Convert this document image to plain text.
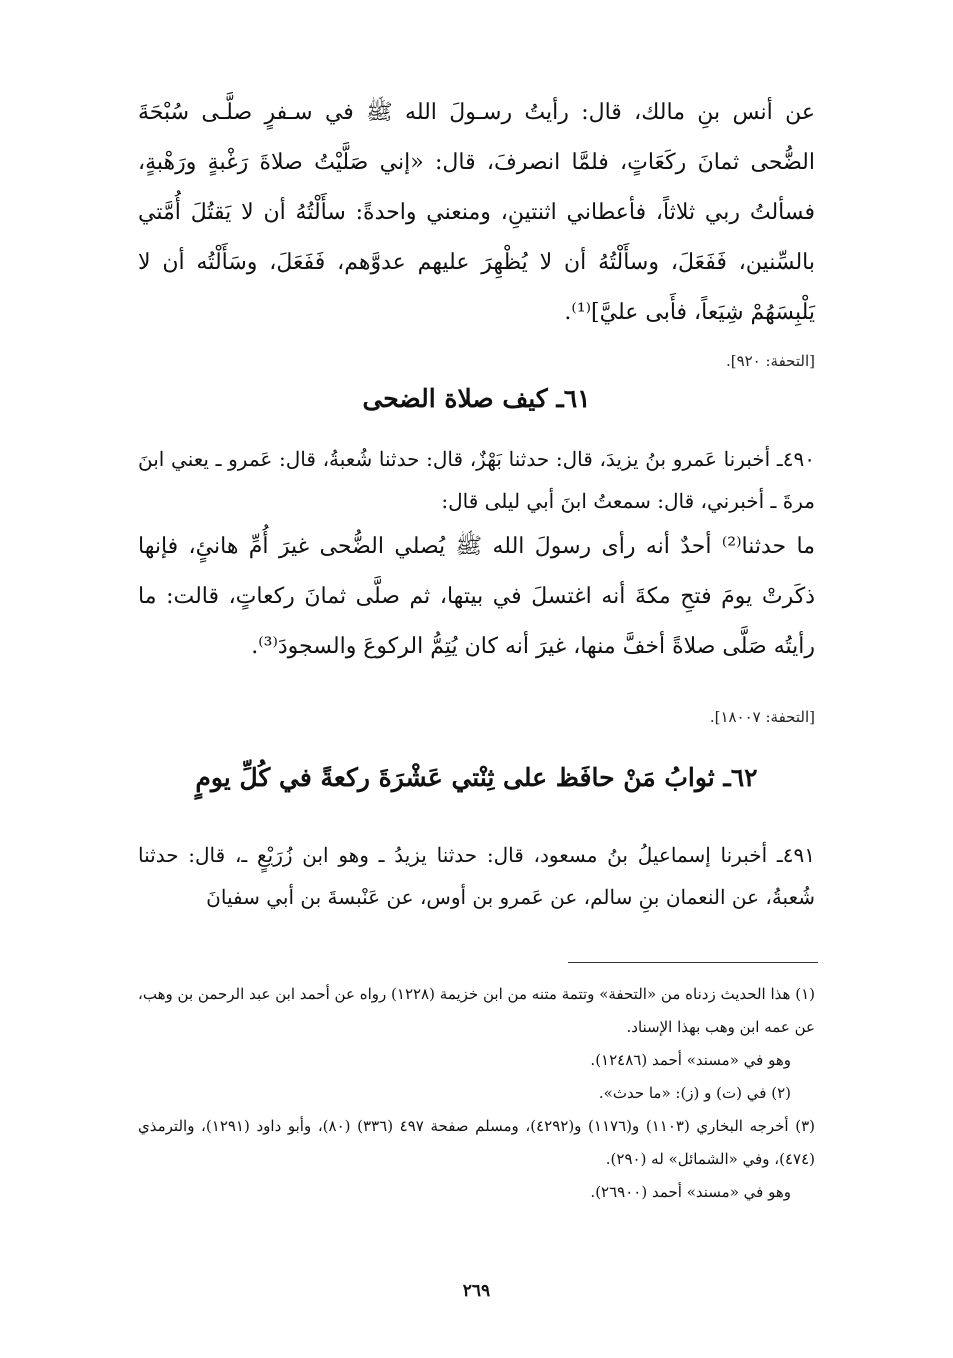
عن أنس بنِ مالك، قال: رأيتُ رسـولَ الله ﷺ في سـفرٍ صلَّـى سُبْحَةَ الضُّحى ثمانَ ركَعَاتٍ، فلمَّا انصرفَ، قال: «إني صَلَّيْتُ صلاةَ رَغْبةٍ ورَهْبةٍ، فسألتُ ربي ثلاثاً، فأعطاني اثنتينِ، ومنعني واحدةً: سأَلْتُهُ أن لا يَقتُلَ أُمَّتي بالسِّنين، فَفَعَلَ، وسأَلْتُهُ أن لا يُظْهِرَ عليهم عدوَّهم، فَفَعَلَ، وسَأَلْتُه أن لا يَلْبِسَهُمْ شِيَعاً، فأَبى عليَّ]⁽¹⁾.

[التحفة: ٩٢٠].
٦١ـ كيف صلاة الضحى

٤٩٠ـ أخبرنا عَمرو بنُ يزيدَ، قال: حدثنا بَهْزٌ، قال: حدثنا شُعبةُ، قال: عَمرو ـ يعني ابنَ مرةَ ـ أخبرني، قال: سمعتُ ابنَ أبي ليلى قال:

ما حدثنا⁽²⁾ أحدٌ أنه رأى رسولَ الله ﷺ يُصلي الضُّحى غيرَ أُمِّ هانئٍ، فإنها ذكَرتْ يومَ فتحِ مكةَ أنه اغتسلَ في بيتها، ثم صلَّى ثمانَ ركعاتٍ، قالت: ما رأيتُه صَلَّى صلاةً أخفَّ منها، غيرَ أنه كان يُتِمُّ الركوعَ والسجودَ⁽³⁾.

[التحفة: ١٨٠٠٧].
٦٢ـ ثوابُ مَنْ حافَظ على ثِنْتي عَشْرَةَ ركعةً في كُلِّ يومٍ

٤٩١ـ أخبرنا إسماعيلُ بنُ مسعود، قال: حدثنا يزيدُ ـ وهو ابن زُرَيْعٍ ـ، قال: حدثنا شُعبةُ، عن النعمان بنِ سالم، عن عَمرو بن أوس، عن عَنْبسةَ بن أبي سفيانَ

(١) هذا الحديث زدناه من «التحفة» وتتمة متنه من ابن خزيمة (١٢٢٨) رواه عن أحمد ابن عبد الرحمن بن وهب، عن عمه ابن وهب بهذا الإسناد.

وهو في «مسند» أحمد (١٢٤٨٦).

(٢) في (ت) و (ز): «ما حدث».

(٣) أخرجه البخاري (١١٠٣) و(١١٧٦) و(٤٢٩٢)، ومسلم صفحة ٤٩٧ (٣٣٦) (٨٠)، وأبو داود (١٢٩١)، والترمذي (٤٧٤)، وفي «الشمائل» له (٢٩٠).

وهو في «مسند» أحمد (٢٦٩٠٠).

٢٦٩
